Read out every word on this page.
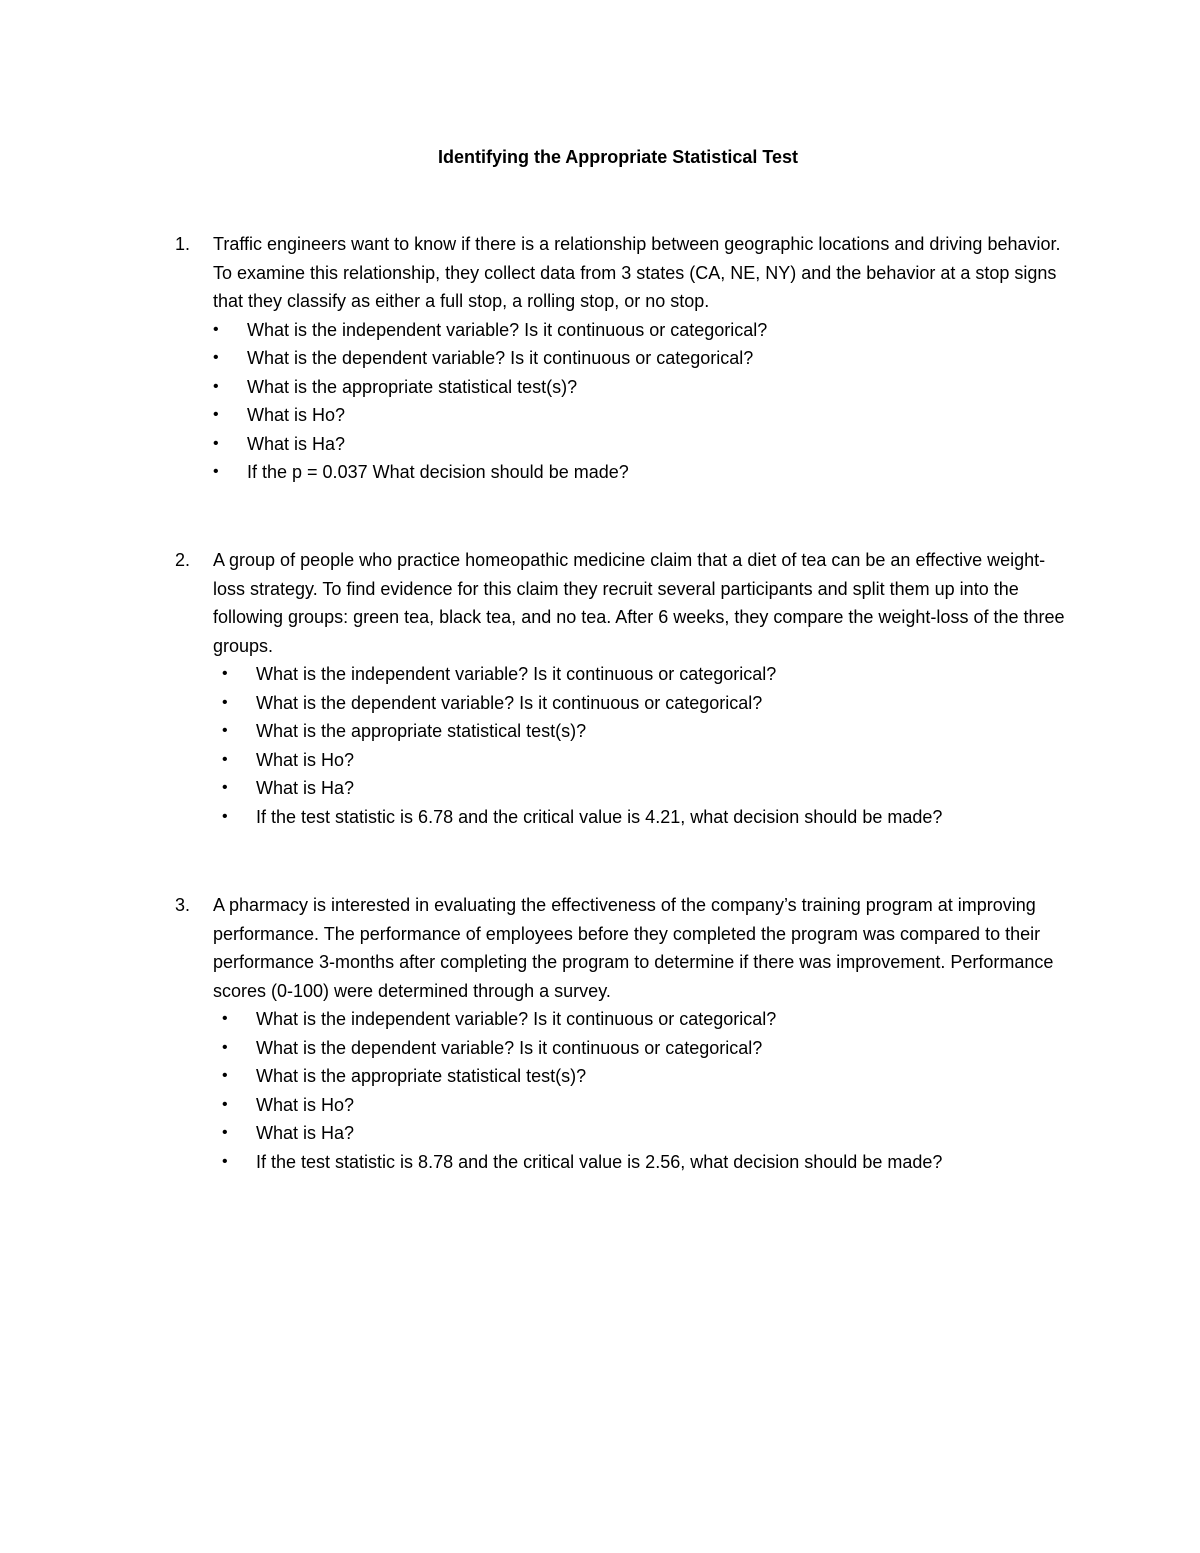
Identifying the Appropriate Statistical Test
1.	Traffic engineers want to know if there is a relationship between geographic locations and driving behavior. To examine this relationship, they collect data from 3 states (CA, NE, NY) and the behavior at a stop signs that they classify as either a full stop, a rolling stop, or no stop.
• What is the independent variable? Is it continuous or categorical?
• What is the dependent variable? Is it continuous or categorical?
• What is the appropriate statistical test(s)?
• What is Ho?
• What is Ha?
• If the p = 0.037 What decision should be made?
2.	A group of people who practice homeopathic medicine claim that a diet of tea can be an effective weight-loss strategy. To find evidence for this claim they recruit several participants and split them up into the following groups: green tea, black tea, and no tea. After 6 weeks, they compare the weight-loss of the three groups.
• What is the independent variable? Is it continuous or categorical?
• What is the dependent variable? Is it continuous or categorical?
• What is the appropriate statistical test(s)?
• What is Ho?
• What is Ha?
• If the test statistic is 6.78 and the critical value is 4.21, what decision should be made?
3.	A pharmacy is interested in evaluating the effectiveness of the company’s training program at improving performance. The performance of employees before they completed the program was compared to their performance 3-months after completing the program to determine if there was improvement. Performance scores (0-100) were determined through a survey.
• What is the independent variable? Is it continuous or categorical?
• What is the dependent variable? Is it continuous or categorical?
• What is the appropriate statistical test(s)?
• What is Ho?
• What is Ha?
• If the test statistic is 8.78 and the critical value is 2.56, what decision should be made?
